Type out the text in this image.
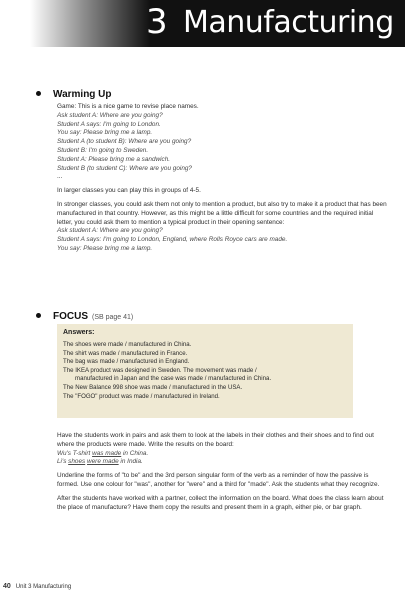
3 Manufacturing
Warming Up

Game: This is a nice game to revise place names.

Ask student A: Where are you going?

Student A says: I'm going to London.

You say: Please bring me a lamp.

Student A (to student B): Where are you going?

Student B: I'm going to Sweden.

Student A: Please bring me a sandwich.

Student B (to student C): Where are you going?

...

In larger classes you can play this in groups of 4-5.

In stronger classes, you could ask them not only to mention a product, but also try to make it a product that has been manufactured in that country. However, as this might be a little difficult for some countries and the required initial letter, you could ask them to mention a typical product in their opening sentence:

Ask student A: Where are you going?

Student A says: I'm going to London, England, where Rolls Royce cars are made.

You say: Please bring me a lamp.

FOCUS (SB page 41)
Answers:

The shoes were made / manufactured in China.

The shirt was made / manufactured in France.

The bag was made / manufactured in England.

The IKEA product was designed in Sweden. The movement was made /

manufactured in Japan and the case was made / manufactured in China.

The New Balance 998 shoe was made / manufactured in the USA.

The "FOGO" product was made / manufactured in Ireland.

Have the students work in pairs and ask them to look at the labels in their clothes and their shoes and to find out where the products were made. Write the results on the board:

Wu's T-shirt was made in China.

Li's shoes were made in India.

Underline the forms of "to be" and the 3rd person singular form of the verb as a reminder of how the passive is formed. Use one colour for "was", another for "were" and a third for "made". Ask the students what they recognize.

After the students have worked with a partner, collect the information on the board. What does the class learn about the place of manufacture? Have them copy the results and present them in a graph, either pie, or bar graph.

40 Unit 3 Manufacturing
